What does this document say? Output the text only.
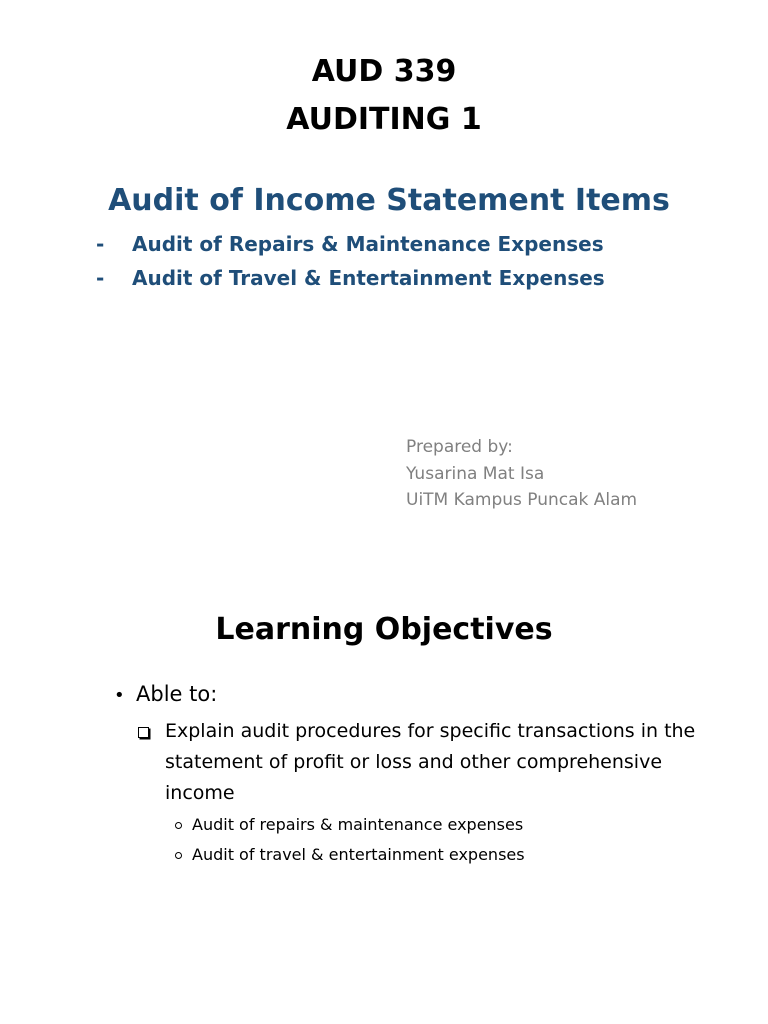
AUD 339
AUDITING 1
Audit of Income Statement Items
- Audit of Repairs & Maintenance Expenses
- Audit of Travel & Entertainment Expenses
Prepared by:
Yusarina Mat Isa
UiTM Kampus Puncak Alam
Learning Objectives
• Able to:
Explain audit procedures for specific transactions in the statement of profit or loss and other comprehensive income
Audit of repairs & maintenance expenses
Audit of travel & entertainment expenses
